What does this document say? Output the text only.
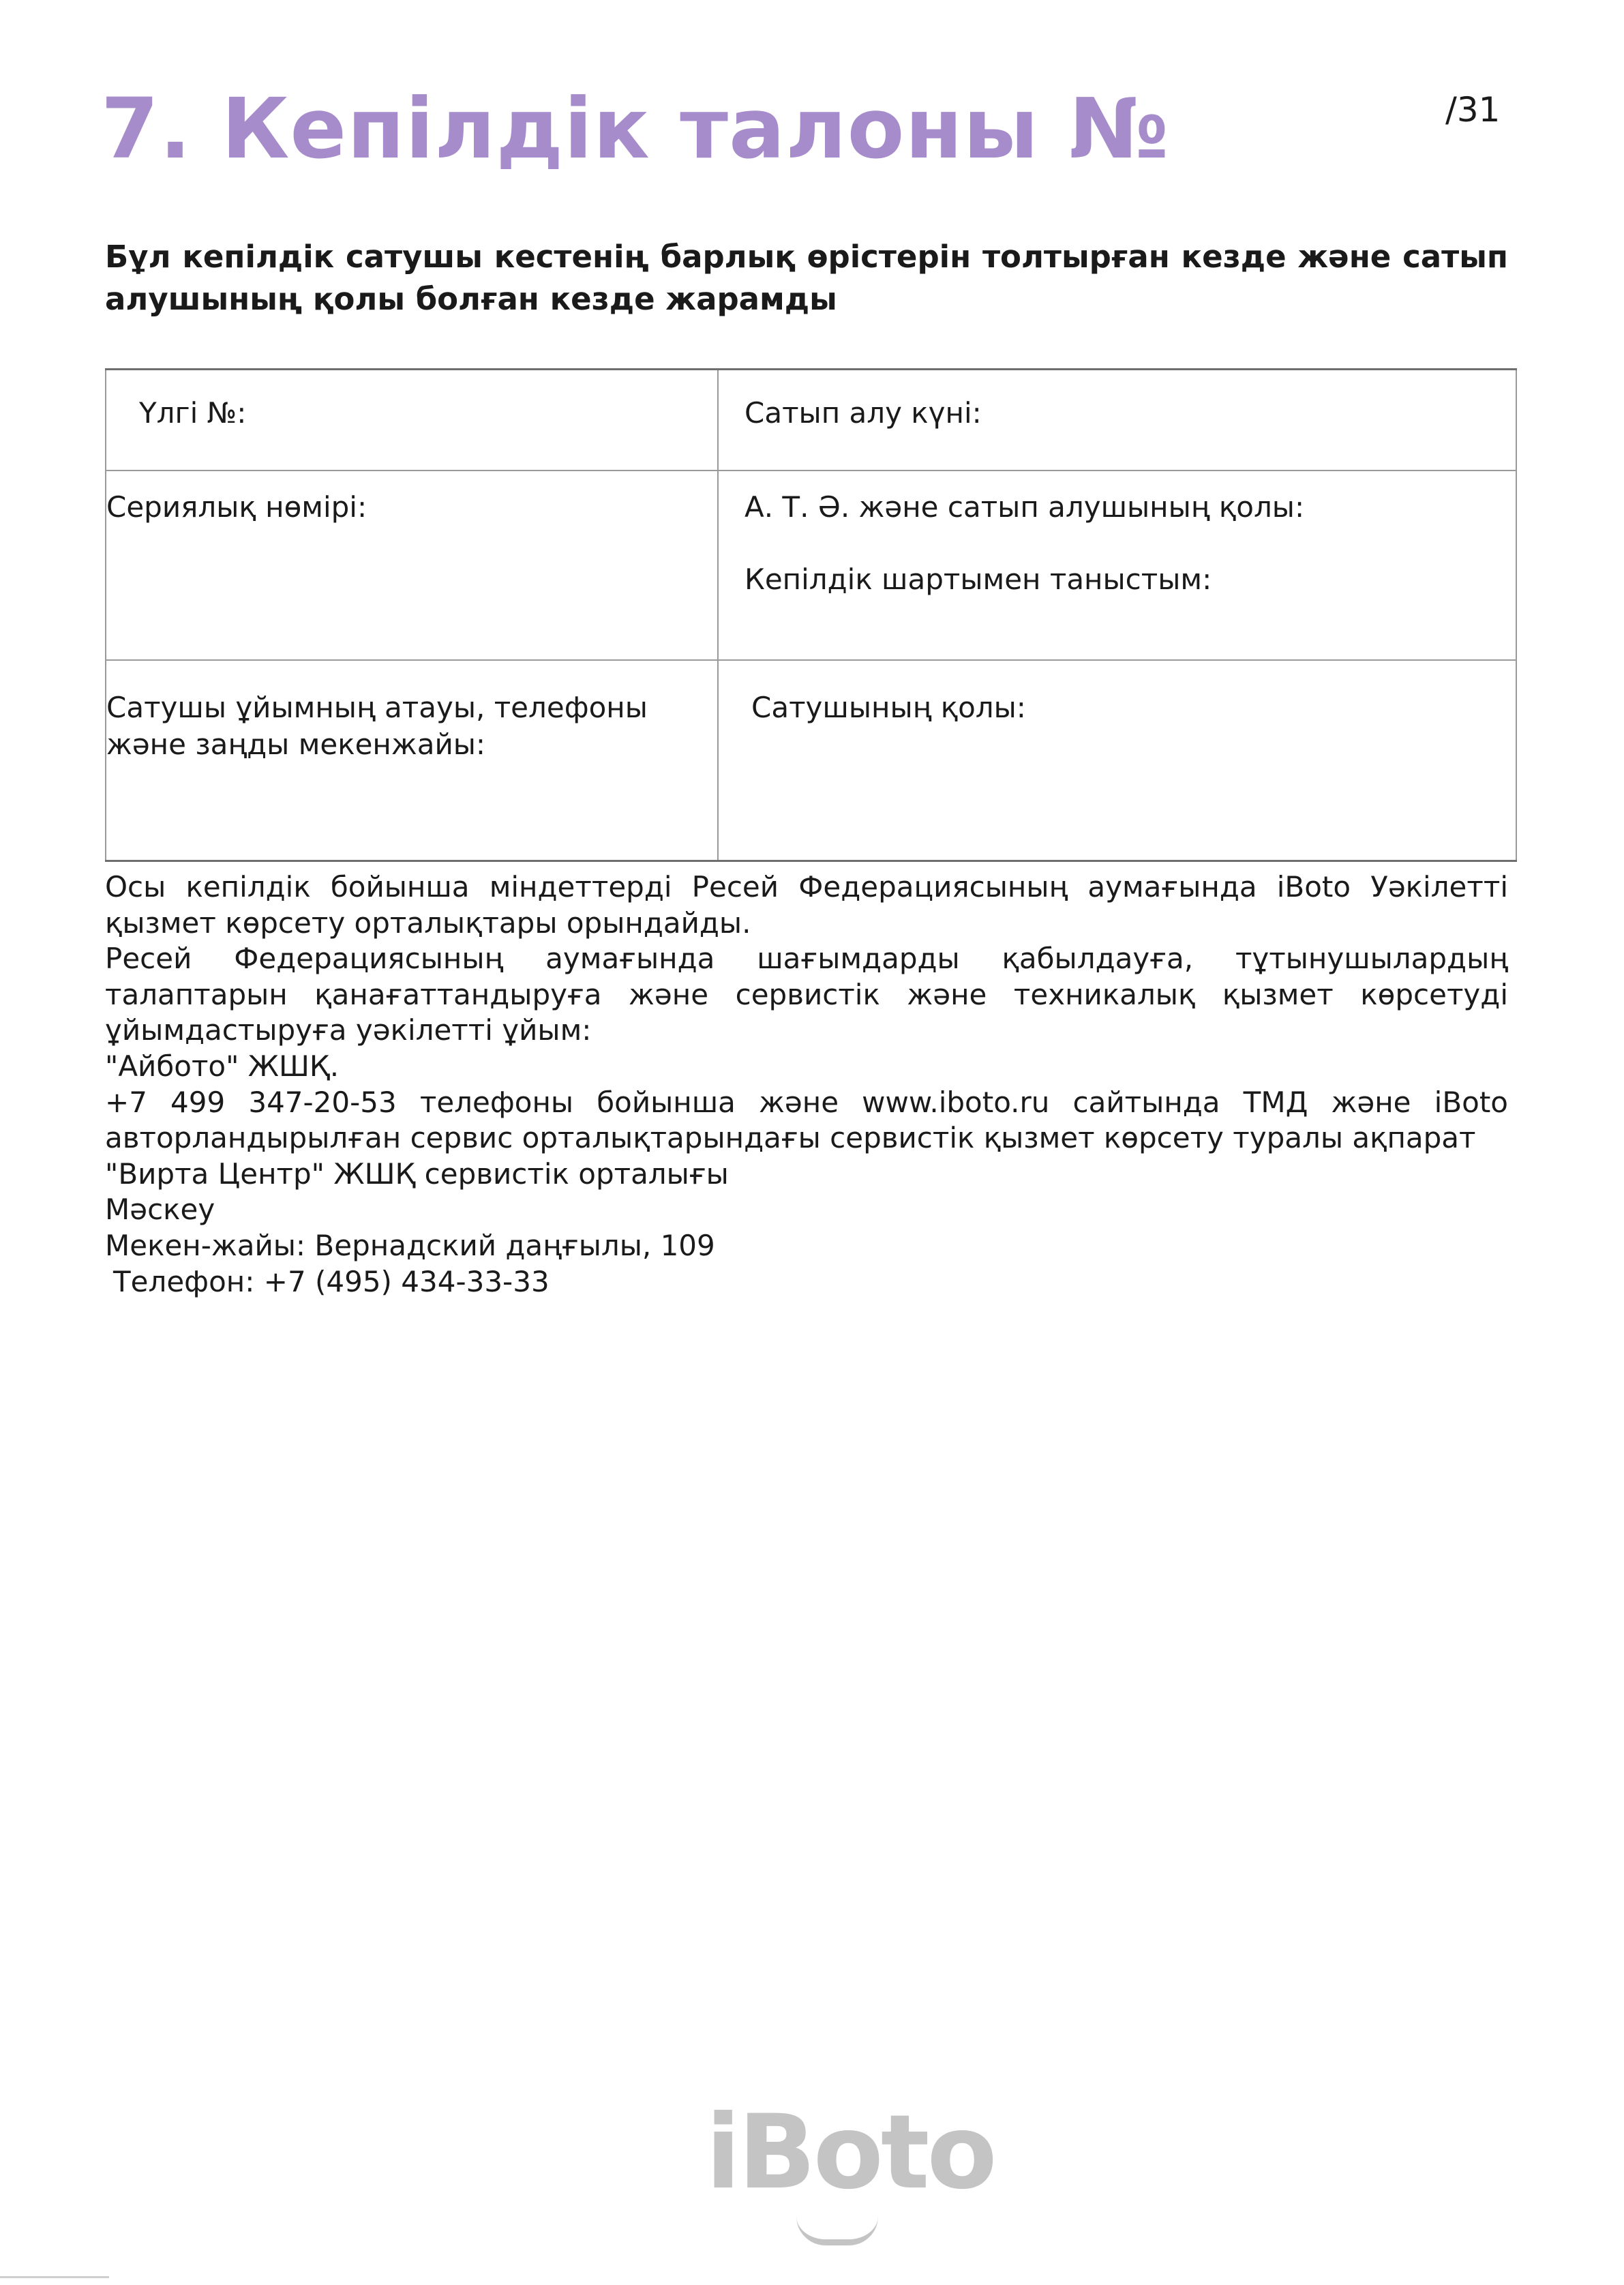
7. Кепілдік талоны №	/31

Бұл кепілдік сатушы кестенің барлық өрістерін толтырған кезде және сатып алушының қолы болған кезде жарамды

Үлгі №:	Сатып алу күні:

Сериялық нөмірі:	А. Т. Ә. және сатып алушының қолы:
Кепілдік шартымен таныстым:

Сатушы ұйымның атауы, телефоны
және заңды мекенжайы:	Сатушының қолы:

Осы кепілдік бойынша міндеттерді Ресей Федерациясының аумағында iBoto Уәкілетті қызмет көрсету орталықтары орындайды.

Ресей Федерациясының аумағында шағымдарды қабылдауға, тұтынушылардың

талаптарын қанағаттандыруға және сервистік және техникалық қызмет көрсетуді

ұйымдастыруға уәкілетті ұйым:

"Айбото" ЖШҚ.

+7 499 347-20-53 телефоны бойынша және www.iboto.ru сайтында ТМД және iBoto

авторландырылған сервис орталықтарындағы сервистік қызмет көрсету туралы ақпарат

"Вирта Центр" ЖШҚ сервистік орталығы

Мәскеу

Мекен-жайы: Вернадский даңғылы, 109

Телефон: +7 (495) 434-33-33

iBoto
